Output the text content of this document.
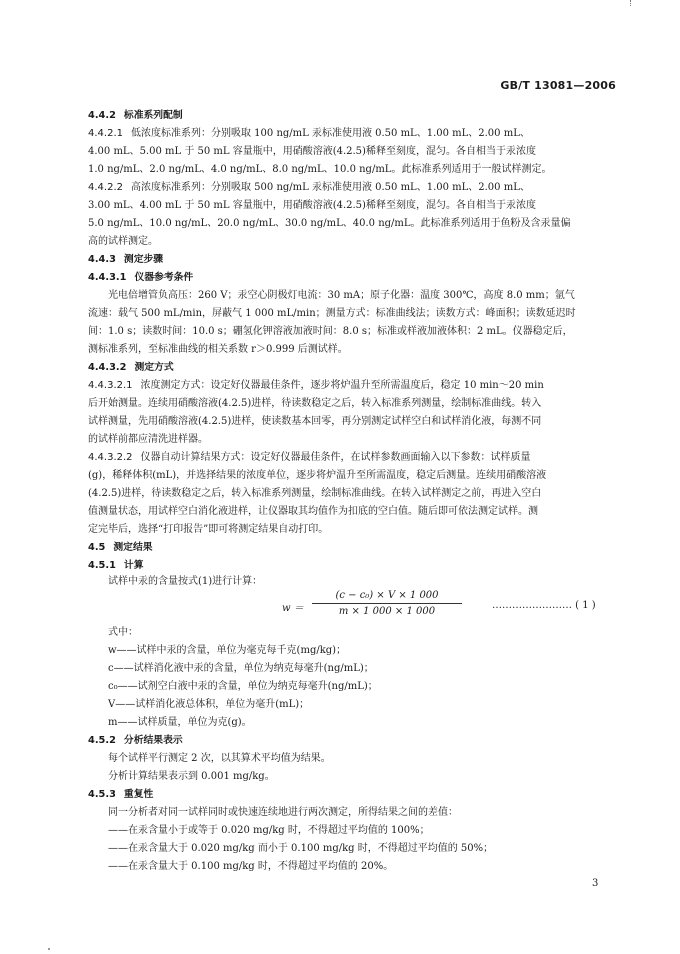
GB/T 13081—2006
4.4.2 标准系列配制
4.4.2.1 低浓度标准系列：分别吸取 100 ng/mL 汞标准使用液 0.50 mL、1.00 mL、2.00 mL、
4.00 mL、5.00 mL 于 50 mL 容量瓶中，用硝酸溶液(4.2.5)稀释至刻度，混匀。各自相当于汞浓度
1.0 ng/mL、2.0 ng/mL、4.0 ng/mL、8.0 ng/mL、10.0 ng/mL。此标准系列适用于一般试样测定。
4.4.2.2 高浓度标准系列：分别吸取 500 ng/mL 汞标准使用液 0.50 mL、1.00 mL、2.00 mL、
3.00 mL、4.00 mL 于 50 mL 容量瓶中，用硝酸溶液(4.2.5)稀释至刻度，混匀。各自相当于汞浓度
5.0 ng/mL、10.0 ng/mL、20.0 ng/mL、30.0 ng/mL、40.0 ng/mL。此标准系列适用于鱼粉及含汞量偏
高的试样测定。
4.4.3 测定步骤
4.4.3.1 仪器参考条件
光电倍增管负高压：260 V；汞空心阴极灯电流：30 mA；原子化器：温度 300℃，高度 8.0 mm；氩气
流速：载气 500 mL/min，屏蔽气 1 000 mL/min；测量方式：标准曲线法；读数方式：峰面积；读数延迟时
间：1.0 s；读数时间：10.0 s；硼氢化钾溶液加液时间：8.0 s；标准或样液加液体积：2 mL。仪器稳定后，
测标准系列，至标准曲线的相关系数 r＞0.999 后测试样。
4.4.3.2 测定方式
4.4.3.2.1 浓度测定方式：设定好仪器最佳条件，逐步将炉温升至所需温度后，稳定 10 min～20 min
后开始测量。连续用硝酸溶液(4.2.5)进样，待读数稳定之后，转入标准系列测量，绘制标准曲线。转入
试样测量，先用硝酸溶液(4.2.5)进样，使读数基本回零，再分别测定试样空白和试样消化液，每测不同
的试样前都应清洗进样器。
4.4.3.2.2 仪器自动计算结果方式：设定好仪器最佳条件，在试样参数画面输入以下参数：试样质量
(g)，稀释体积(mL)，并选择结果的浓度单位，逐步将炉温升至所需温度，稳定后测量。连续用硝酸溶液
(4.2.5)进样，待读数稳定之后，转入标准系列测量，绘制标准曲线。在转入试样测定之前，再进入空白
值测量状态，用试样空白消化液进样，让仪器取其均值作为扣底的空白值。随后即可依法测定试样。测
定完毕后，选择“打印报告”即可将测定结果自动打印。
4.5 测定结果
4.5.1 计算
试样中汞的含量按式(1)进行计算：
w ＝
(c − c₀) × V × 1 000
m × 1 000 × 1 000
…………………… ( 1 )
式中：
w——试样中汞的含量，单位为毫克每千克(mg/kg)；
c——试样消化液中汞的含量，单位为纳克每毫升(ng/mL)；
c₀——试剂空白液中汞的含量，单位为纳克每毫升(ng/mL)；
V——试样消化液总体积，单位为毫升(mL)；
m——试样质量，单位为克(g)。
4.5.2 分析结果表示
每个试样平行测定 2 次，以其算术平均值为结果。
分析计算结果表示到 0.001 mg/kg。
4.5.3 重复性
同一分析者对同一试样同时或快速连续地进行两次测定，所得结果之间的差值：
——在汞含量小于或等于 0.020 mg/kg 时，不得超过平均值的 100%；
——在汞含量大于 0.020 mg/kg 而小于 0.100 mg/kg 时，不得超过平均值的 50%；
——在汞含量大于 0.100 mg/kg 时，不得超过平均值的 20%。
3
